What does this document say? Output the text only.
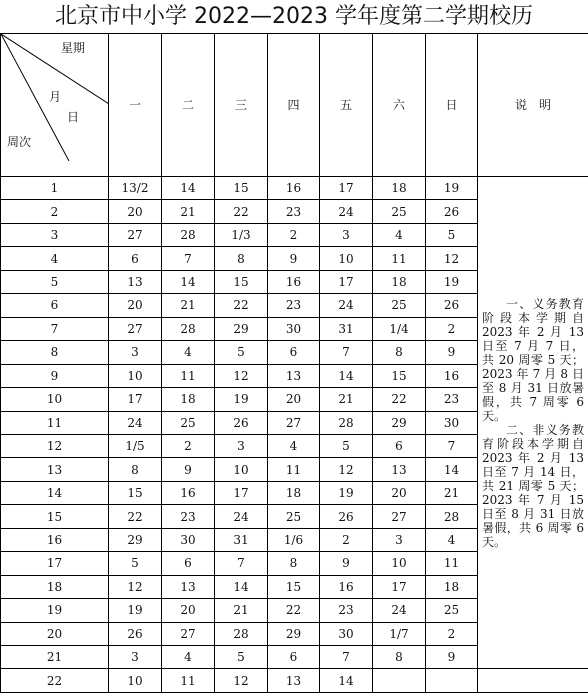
北京市中小学 2022—2023 学年度第二学期校历
星期
月
日
周次	一	二	三	四	五	六	日	说　明
1	13/2	14	15	16	17	18	19	一、义务教育阶段本学期自 2023 年 2 月 13 日至 7 月 7 日，共 20 周零 5 天；2023 年 7 月 8 日至 8 月 31 日放暑假，共 7 周零 6 天。

二、非义务教育阶段本学期自 2023 年 2 月 13 日至 7 月 14 日，共 21 周零 5 天；2023 年 7 月 15 日至 8 月 31 日放暑假，共 6 周零 6 天。

2	20	21	22	23	24	25	26	
3	27	28	1/3	2	3	4	5	
4	6	7	8	9	10	11	12	
5	13	14	15	16	17	18	19	
6	20	21	22	23	24	25	26	
7	27	28	29	30	31	1/4	2	
8	3	4	5	6	7	8	9	
9	10	11	12	13	14	15	16	
10	17	18	19	20	21	22	23	
11	24	25	26	27	28	29	30	
12	1/5	2	3	4	5	6	7	
13	8	9	10	11	12	13	14	
14	15	16	17	18	19	20	21	
15	22	23	24	25	26	27	28	
16	29	30	31	1/6	2	3	4	
17	5	6	7	8	9	10	11	
18	12	13	14	15	16	17	18	
19	19	20	21	22	23	24	25	
20	26	27	28	29	30	1/7	2	
21	3	4	5	6	7	8	9	
22	10	11	12	13	14			
